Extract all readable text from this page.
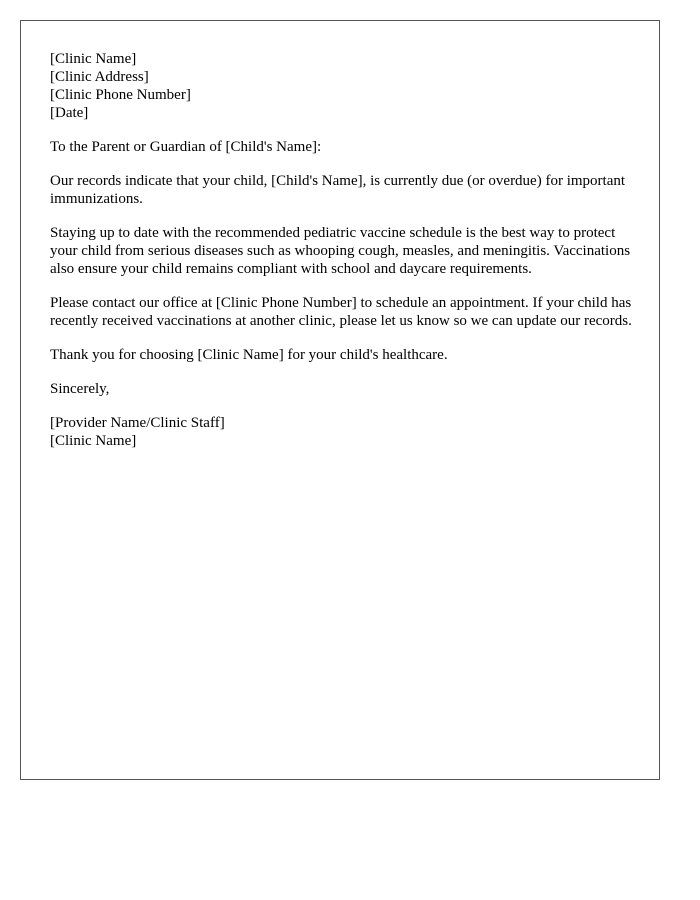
[Clinic Name]
[Clinic Address]
[Clinic Phone Number]
[Date]

To the Parent or Guardian of [Child's Name]:

Our records indicate that your child, [Child's Name], is currently due (or overdue) for important immunizations.

Staying up to date with the recommended pediatric vaccine schedule is the best way to protect your child from serious diseases such as whooping cough, measles, and meningitis. Vaccinations also ensure your child remains compliant with school and daycare requirements.

Please contact our office at [Clinic Phone Number] to schedule an appointment. If your child has recently received vaccinations at another clinic, please let us know so we can update our records.

Thank you for choosing [Clinic Name] for your child's healthcare.

Sincerely,

[Provider Name/Clinic Staff]
[Clinic Name]
